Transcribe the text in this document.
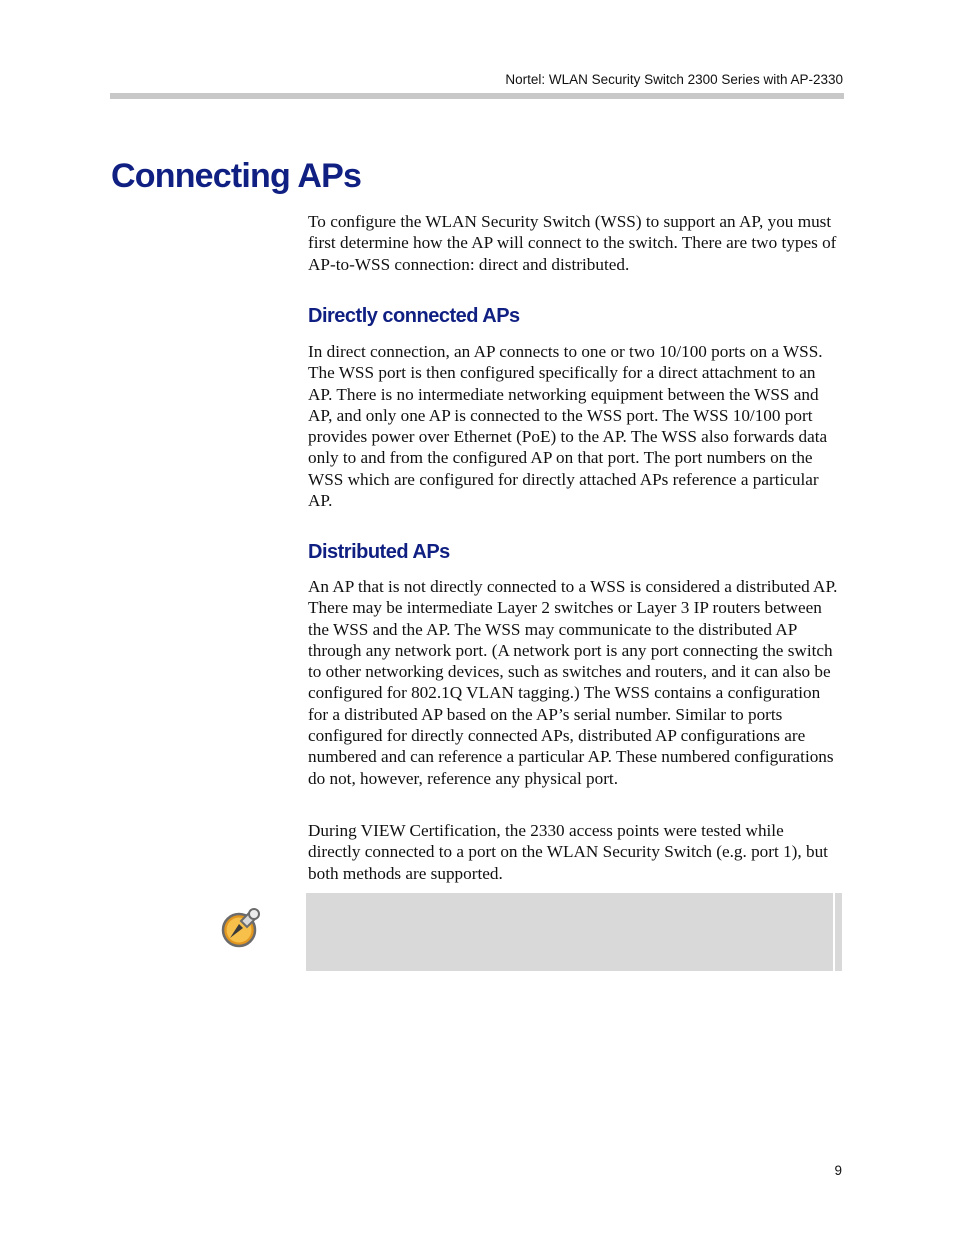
Nortel: WLAN Security Switch 2300 Series with AP-2330
Connecting APs

To configure the WLAN Security Switch (WSS) to support an AP, you must first determine how the AP will connect to the switch. There are two types of AP-to-WSS connection: direct and distributed.

Directly connected APs

In direct connection, an AP connects to one or two 10/100 ports on a WSS. The WSS port is then configured specifically for a direct attachment to an AP. There is no intermediate networking equipment between the WSS and AP, and only one AP is connected to the WSS port. The WSS 10/100 port provides power over Ethernet (PoE) to the AP. The WSS also forwards data only to and from the configured AP on that port. The port numbers on the WSS which are configured for directly attached APs reference a particular AP.

Distributed APs

An AP that is not directly connected to a WSS is considered a distributed AP. There may be intermediate Layer 2 switches or Layer 3 IP routers between the WSS and the AP. The WSS may communicate to the distributed AP through any network port. (A network port is any port connecting the switch to other networking devices, such as switches and routers, and it can also be configured for 802.1Q VLAN tagging.) The WSS contains a configuration for a distributed AP based on the AP’s serial number. Similar to ports configured for directly connected APs, distributed AP configurations are numbered and can reference a particular AP. These numbered configurations do not, however, reference any physical port.

During VIEW Certification, the 2330 access points were tested while directly connected to a port on the WLAN Security Switch (e.g. port 1), but both methods are supported.

9
